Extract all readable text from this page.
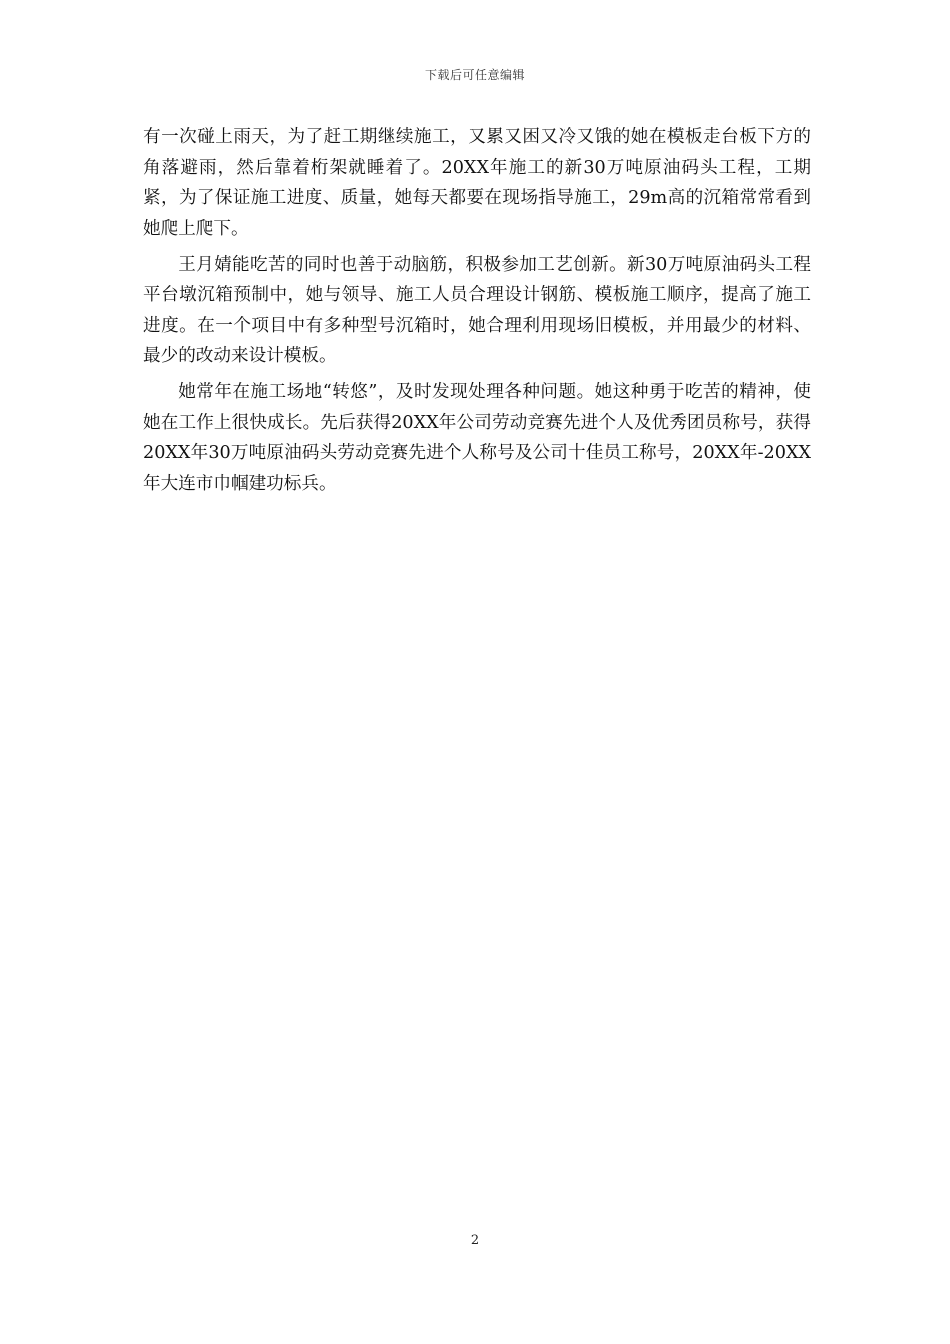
下载后可任意编辑

有一次碰上雨天，为了赶工期继续施工，又累又困又冷又饿的她在模板走台板下方的角落避雨，然后靠着桁架就睡着了。20XX年施工的新30万吨原油码头工程，工期紧，为了保证施工进度、质量，她每天都要在现场指导施工，29m高的沉箱常常看到她爬上爬下。

王月婧能吃苦的同时也善于动脑筋，积极参加工艺创新。新30万吨原油码头工程平台墩沉箱预制中，她与领导、施工人员合理设计钢筋、模板施工顺序，提高了施工进度。在一个项目中有多种型号沉箱时，她合理利用现场旧模板，并用最少的材料、最少的改动来设计模板。

她常年在施工场地“转悠”，及时发现处理各种问题。她这种勇于吃苦的精神，使她在工作上很快成长。先后获得20XX年公司劳动竞赛先进个人及优秀团员称号，获得20XX年30万吨原油码头劳动竞赛先进个人称号及公司十佳员工称号，20XX年-20XX年大连市巾帼建功标兵。

2
